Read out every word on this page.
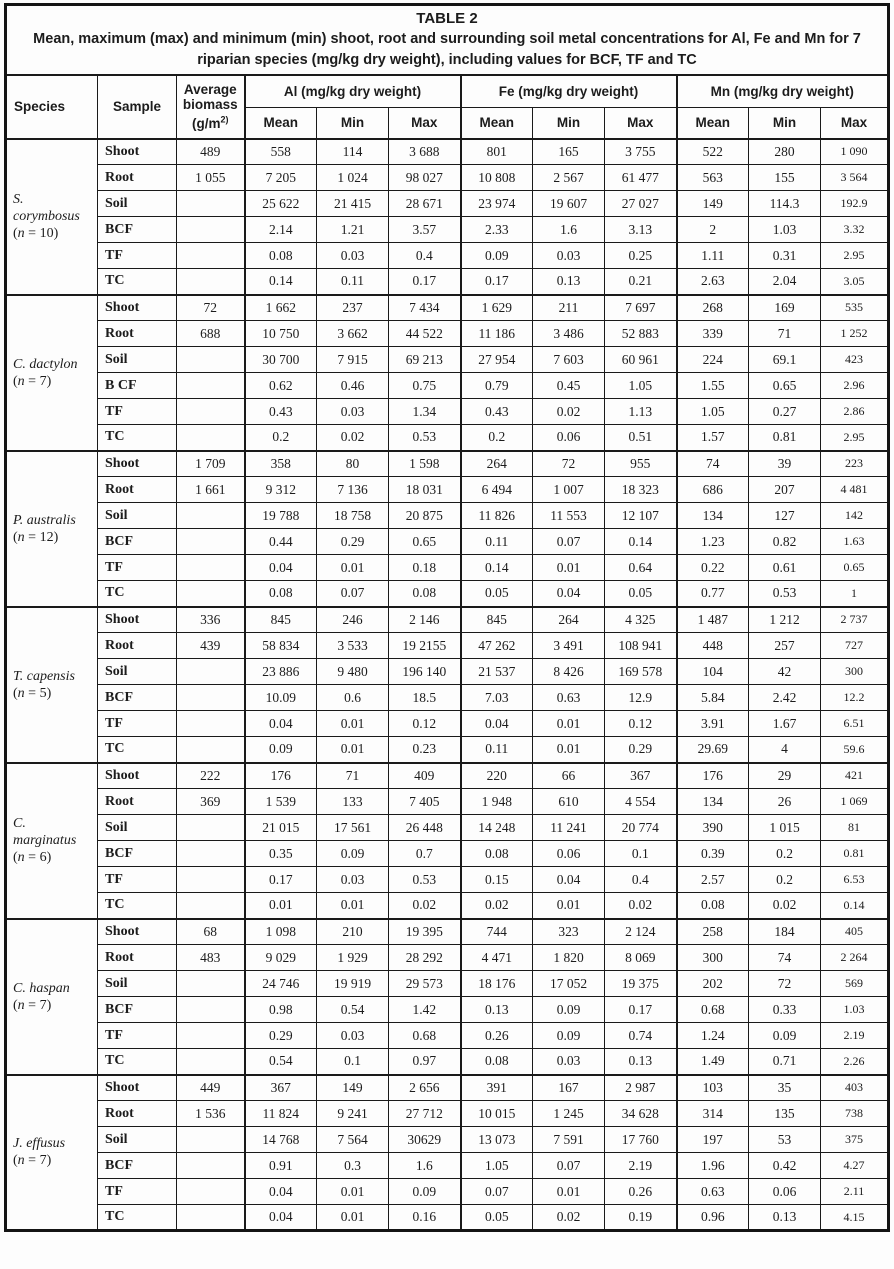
TABLE 2
Mean, maximum (max) and minimum (min) shoot, root and surrounding soil metal concentrations for Al, Fe and Mn for 7
riparian species (mg/kg dry weight), including values for BCF, TF and TC											

Species	Sample	Average
biomass
($g/m^{2)}$	Al (mg/kg dry weight)			Fe (mg/kg dry weight)			Mn (mg/kg dry weight)		
			Mean	Min	Max	Mean	Min	Max	Mean	Min	Max

S.
corymbosus
(n = 10)	Shoot	489	558	114	3 688	801	165	3 755	522	280	1 090
	Root	1 055	7 205	1 024	98 027	10 808	2 567	61 477	563	155	3 564
	Soil		25 622	21 415	28 671	23 974	19 607	27 027	149	114.3	192.9
	BCF		2.14	1.21	3.57	2.33	1.6	3.13	2	1.03	3.32
	TF		0.08	0.03	0.4	0.09	0.03	0.25	1.11	0.31	2.95
	TC		0.14	0.11	0.17	0.17	0.13	0.21	2.63	2.04	3.05

C. dactylon
(n = 7)	Shoot	72	1 662	237	7 434	1 629	211	7 697	268	169	535
	Root	688	10 750	3 662	44 522	11 186	3 486	52 883	339	71	1 252
	Soil		30 700	7 915	69 213	27 954	7 603	60 961	224	69.1	423
	B CF		0.62	0.46	0.75	0.79	0.45	1.05	1.55	0.65	2.96
	TF		0.43	0.03	1.34	0.43	0.02	1.13	1.05	0.27	2.86
	TC		0.2	0.02	0.53	0.2	0.06	0.51	1.57	0.81	2.95

P. australis
(n = 12)	Shoot	1 709	358	80	1 598	264	72	955	74	39	223
	Root	1 661	9 312	7 136	18 031	6 494	1 007	18 323	686	207	4 481
	Soil		19 788	18 758	20 875	11 826	11 553	12 107	134	127	142
	BCF		0.44	0.29	0.65	0.11	0.07	0.14	1.23	0.82	1.63
	TF		0.04	0.01	0.18	0.14	0.01	0.64	0.22	0.61	0.65
	TC		0.08	0.07	0.08	0.05	0.04	0.05	0.77	0.53	1

T. capensis
(n = 5)	Shoot	336	845	246	2 146	845	264	4 325	1 487	1 212	2 737
	Root	439	58 834	3 533	19 2155	47 262	3 491	108 941	448	257	727
	Soil		23 886	9 480	196 140	21 537	8 426	169 578	104	42	300
	BCF		10.09	0.6	18.5	7.03	0.63	12.9	5.84	2.42	12.2
	TF		0.04	0.01	0.12	0.04	0.01	0.12	3.91	1.67	6.51
	TC		0.09	0.01	0.23	0.11	0.01	0.29	29.69	4	59.6

C.
marginatus
(n = 6)	Shoot	222	176	71	409	220	66	367	176	29	421
	Root	369	1 539	133	7 405	1 948	610	4 554	134	26	1 069
	Soil		21 015	17 561	26 448	14 248	11 241	20 774	390	1 015	81
	BCF		0.35	0.09	0.7	0.08	0.06	0.1	0.39	0.2	0.81
	TF		0.17	0.03	0.53	0.15	0.04	0.4	2.57	0.2	6.53
	TC		0.01	0.01	0.02	0.02	0.01	0.02	0.08	0.02	0.14

C. haspan
(n = 7)	Shoot	68	1 098	210	19 395	744	323	2 124	258	184	405
	Root	483	9 029	1 929	28 292	4 471	1 820	8 069	300	74	2 264
	Soil		24 746	19 919	29 573	18 176	17 052	19 375	202	72	569
	BCF		0.98	0.54	1.42	0.13	0.09	0.17	0.68	0.33	1.03
	TF		0.29	0.03	0.68	0.26	0.09	0.74	1.24	0.09	2.19
	TC		0.54	0.1	0.97	0.08	0.03	0.13	1.49	0.71	2.26

J. effusus
(n = 7)	Shoot	449	367	149	2 656	391	167	2 987	103	35	403
	Root	1 536	11 824	9 241	27 712	10 015	1 245	34 628	314	135	738
	Soil		14 768	7 564	30629	13 073	7 591	17 760	197	53	375
	BCF		0.91	0.3	1.6	1.05	0.07	2.19	1.96	0.42	4.27
	TF		0.04	0.01	0.09	0.07	0.01	0.26	0.63	0.06	2.11
	TC		0.04	0.01	0.16	0.05	0.02	0.19	0.96	0.13	4.15
